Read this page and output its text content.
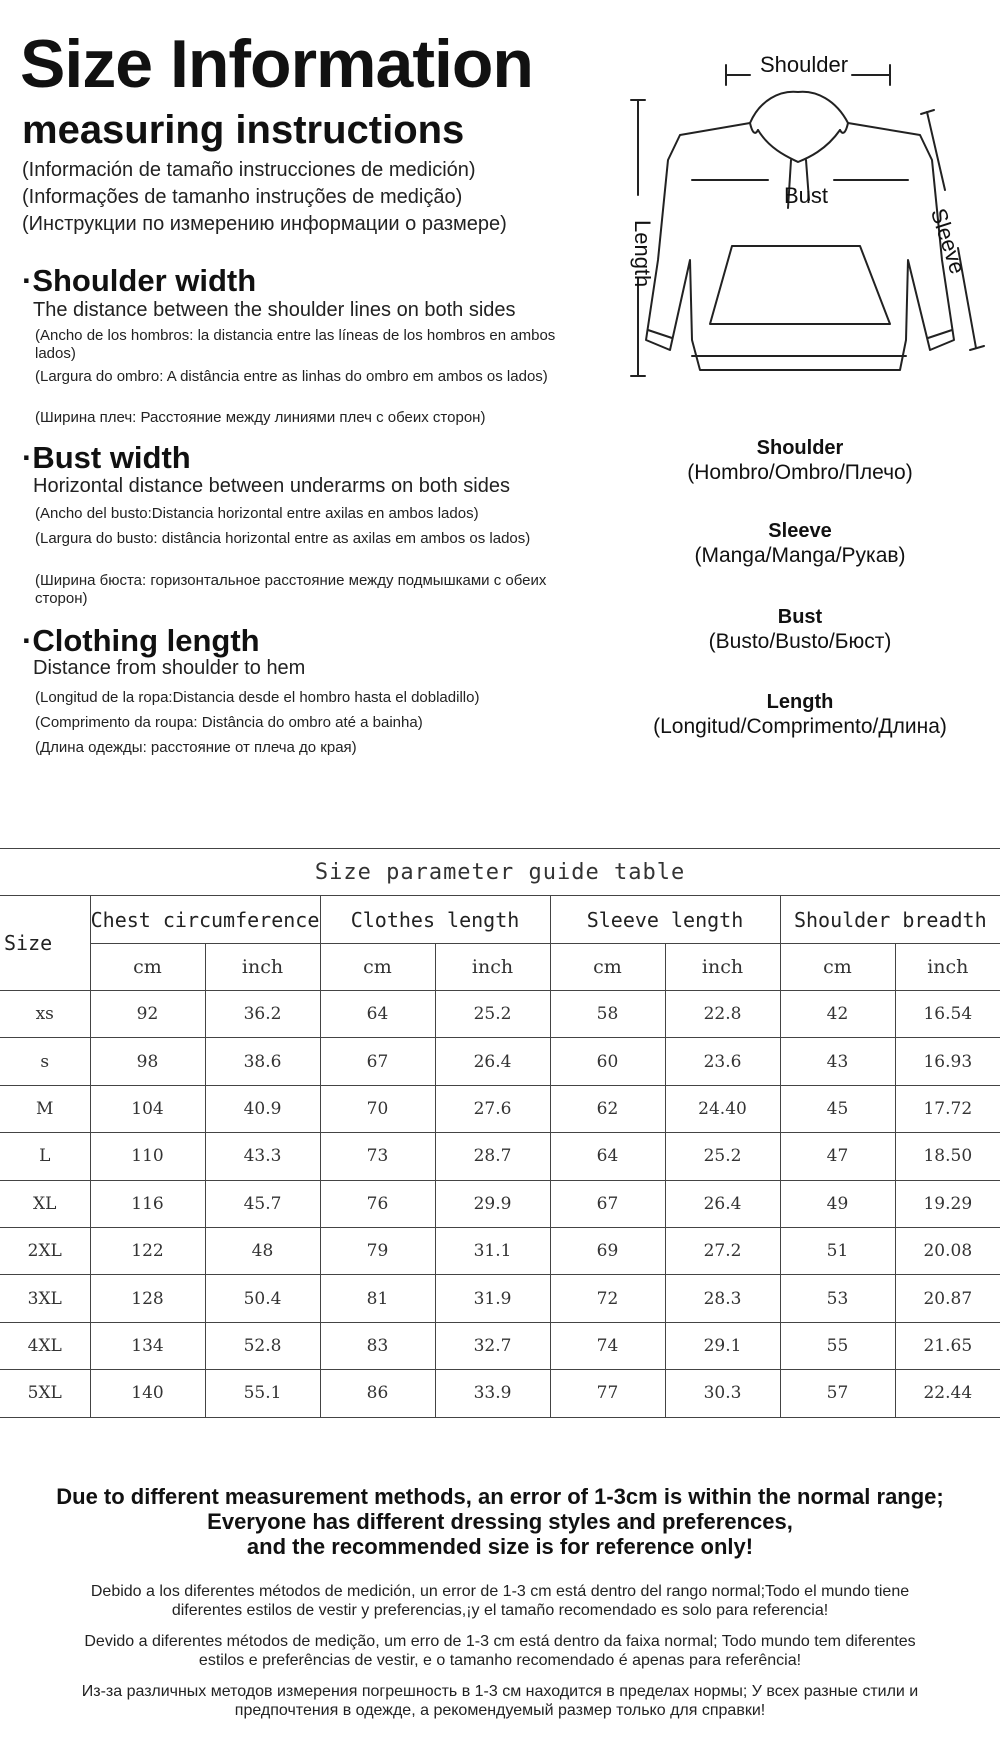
Size Information
measuring instructions
(Información de tamaño instrucciones de medición)
(Informações de tamanho instruções de medição)
(Инструкции по измерению информации о размере)
·Shoulder width
The distance between the shoulder lines on both sides
(Ancho de los hombros: la distancia entre las líneas de los hombros en ambos lados)
(Largura do ombro: A distância entre as linhas do ombro em ambos os lados)
(Ширина плеч: Расстояние между линиями плеч с обеих сторон)
·Bust width
Horizontal distance between underarms on both sides
(Ancho del busto:Distancia horizontal entre axilas en ambos lados)
(Largura do busto: distância horizontal entre as axilas em ambos os lados)
(Ширина бюста: горизонтальное расстояние между подмышками с обеих сторон)
·Clothing length
Distance from shoulder to hem
(Longitud de la ropa:Distancia desde el hombro hasta el dobladillo)
(Comprimento da roupa: Distância do ombro até a bainha)
(Длина одежды: расстояние от плеча до края)
Shoulder
Bust
Length	Sleeve
Shoulder
(Hombro/Ombro/Плечо)
Sleeve
(Manga/Manga/Рукав)
Bust
(Busto/Busto/Бюст)
Length
(Longitud/Comprimento/Длина)
Size parameter guide table								
Size	Chest circumference		Clothes length		Sleeve length		Shoulder breadth	
	cm	inch	cm	inch	cm	inch	cm	inch
xs	92	36.2	64	25.2	58	22.8	42	16.54
s	98	38.6	67	26.4	60	23.6	43	16.93
M	104	40.9	70	27.6	62	24.40	45	17.72
L	110	43.3	73	28.7	64	25.2	47	18.50
XL	116	45.7	76	29.9	67	26.4	49	19.29
2XL	122	48	79	31.1	69	27.2	51	20.08
3XL	128	50.4	81	31.9	72	28.3	53	20.87
4XL	134	52.8	83	32.7	74	29.1	55	21.65
5XL	140	55.1	86	33.9	77	30.3	57	22.44
Due to different measurement methods, an error of 1-3cm is within the normal range;
Everyone has different dressing styles and preferences,
and the recommended size is for reference only!
Debido a los diferentes métodos de medición, un error de 1-3 cm está dentro del rango normal;Todo el mundo tiene diferentes estilos de vestir y preferencias,¡y el tamaño recomendado es solo para referencia!
Devido a diferentes métodos de medição, um erro de 1-3 cm está dentro da faixa normal; Todo mundo tem diferentes estilos e preferências de vestir, e o tamanho recomendado é apenas para referência!
Из-за различных методов измерения погрешность в 1-3 см находится в пределах нормы; У всех разные стили и предпочтения в одежде, а рекомендуемый размер только для справки!
